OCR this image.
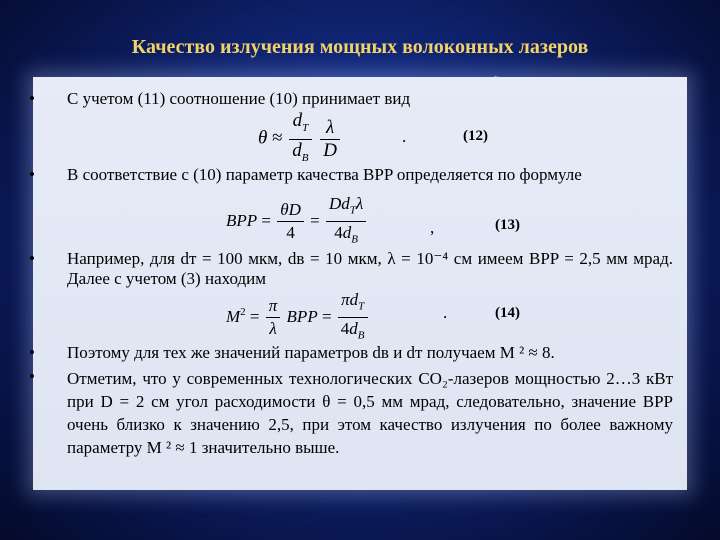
Качество излучения мощных волоконных лазеров
• С учетом (11) соотношение (10) принимает вид
$\theta \approx \frac{d_T}{d_B}$
$\frac{\lambda}{D}$	.	(12)
• В соответствие с (10) параметр качества BPP определяется по формуле
BPP = $\frac{\theta D}{4} = \frac{Dd_T\lambda}{4d_B}$	,	(13)
• Например, для dт = 100 мкм, dв = 10 мкм, λ = 10⁻⁴ см имеем BPP = 2,5 мм мрад. Далее с учетом (3) находим
$M^2 = \frac{\pi}{\lambda}$ BPP = $\frac{\pi d_T}{4d_B}$	.	(14)
• Поэтому для тех же значений параметров dв и dт получаем M ² ≈ 8.
• Отметим, что у современных технологических CO₂-лазеров мощностью 2…3 кВт при D = 2 см угол расходимости θ = 0,5 мм мрад, следовательно, значение BPP очень близко к значению 2,5, при этом качество излучения по более важному параметру M ² ≈ 1 значительно выше.
